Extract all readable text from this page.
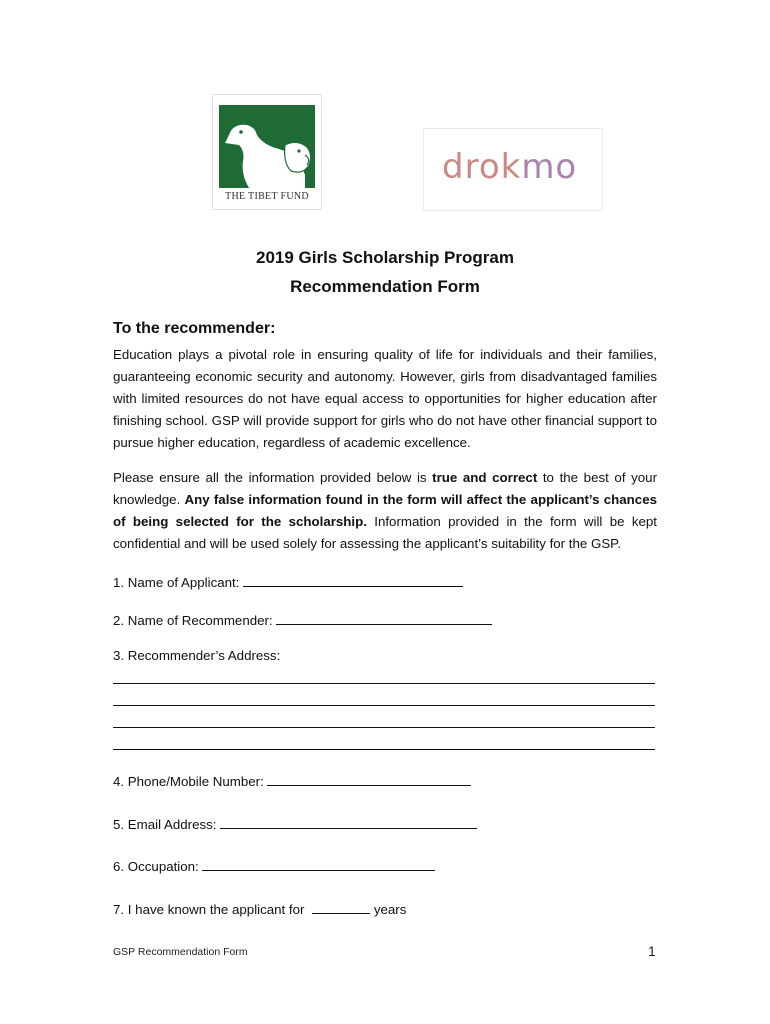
THE TIBET FUND
drokmo
2019 Girls Scholarship Program
Recommendation Form
To the recommender:

Education plays a pivotal role in ensuring quality of life for individuals and their families, guaranteeing economic security and autonomy. However, girls from disadvantaged families with limited resources do not have equal access to opportunities for higher education after finishing school. GSP will provide support for girls who do not have other financial support to pursue higher education, regardless of academic excellence.

Please ensure all the information provided below is true and correct to the best of your knowledge. Any false information found in the form will affect the applicant’s chances of being selected for the scholarship. Information provided in the form will be kept confidential and will be used solely for assessing the applicant’s suitability for the GSP.

1. Name of Applicant:
2. Name of Recommender:
3. Recommender’s Address:
4. Phone/Mobile Number:
5. Email Address:
6. Occupation:
7. I have known the applicant for	years
GSP Recommendation Form	1
